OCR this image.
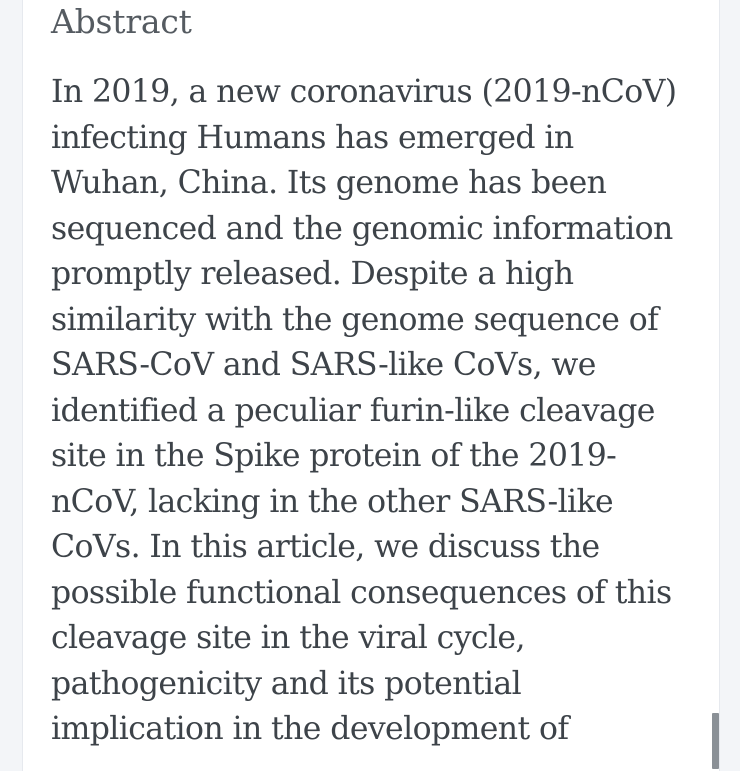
Abstract
In 2019, a new coronavirus (2019-nCoV)
infecting Humans has emerged in
Wuhan, China. Its genome has been
sequenced and the genomic information
promptly released. Despite a high
similarity with the genome sequence of
SARS-CoV and SARS-like CoVs, we
identified a peculiar furin-like cleavage
site in the Spike protein of the 2019-
nCoV, lacking in the other SARS-like
CoVs. In this article, we discuss the
possible functional consequences of this
cleavage site in the viral cycle,
pathogenicity and its potential
implication in the development of
